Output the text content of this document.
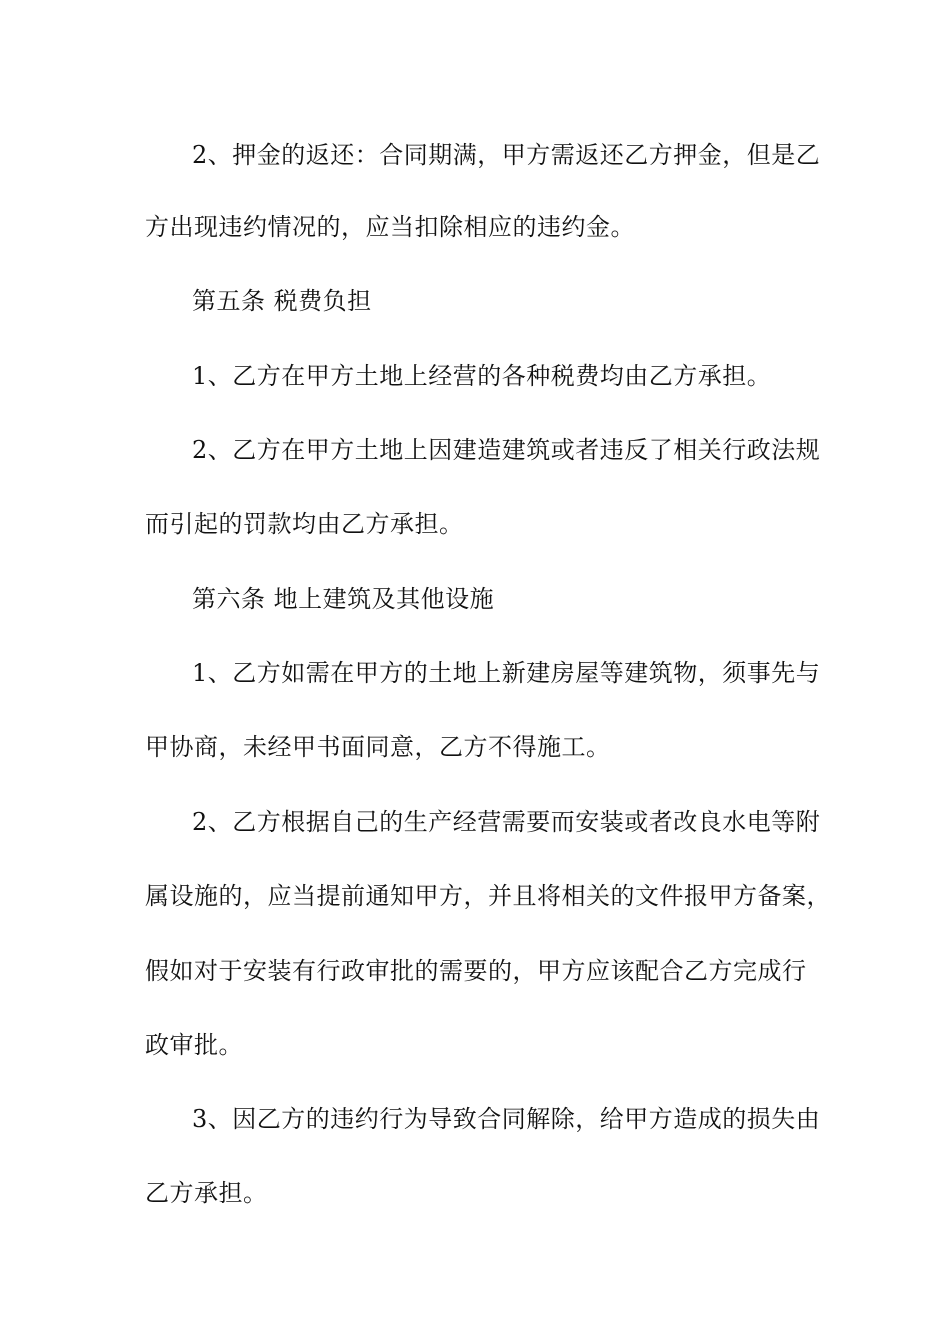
2、押金的返还：合同期满，甲方需返还乙方押金，但是乙
方出现违约情况的，应当扣除相应的违约金。
第五条 税费负担
1、乙方在甲方土地上经营的各种税费均由乙方承担。
2、乙方在甲方土地上因建造建筑或者违反了相关行政法规
而引起的罚款均由乙方承担。
第六条 地上建筑及其他设施
1、乙方如需在甲方的土地上新建房屋等建筑物，须事先与
甲协商，未经甲书面同意，乙方不得施工。
2、乙方根据自己的生产经营需要而安装或者改良水电等附
属设施的，应当提前通知甲方，并且将相关的文件报甲方备案，
假如对于安装有行政审批的需要的，甲方应该配合乙方完成行
政审批。
3、因乙方的违约行为导致合同解除，给甲方造成的损失由
乙方承担。
